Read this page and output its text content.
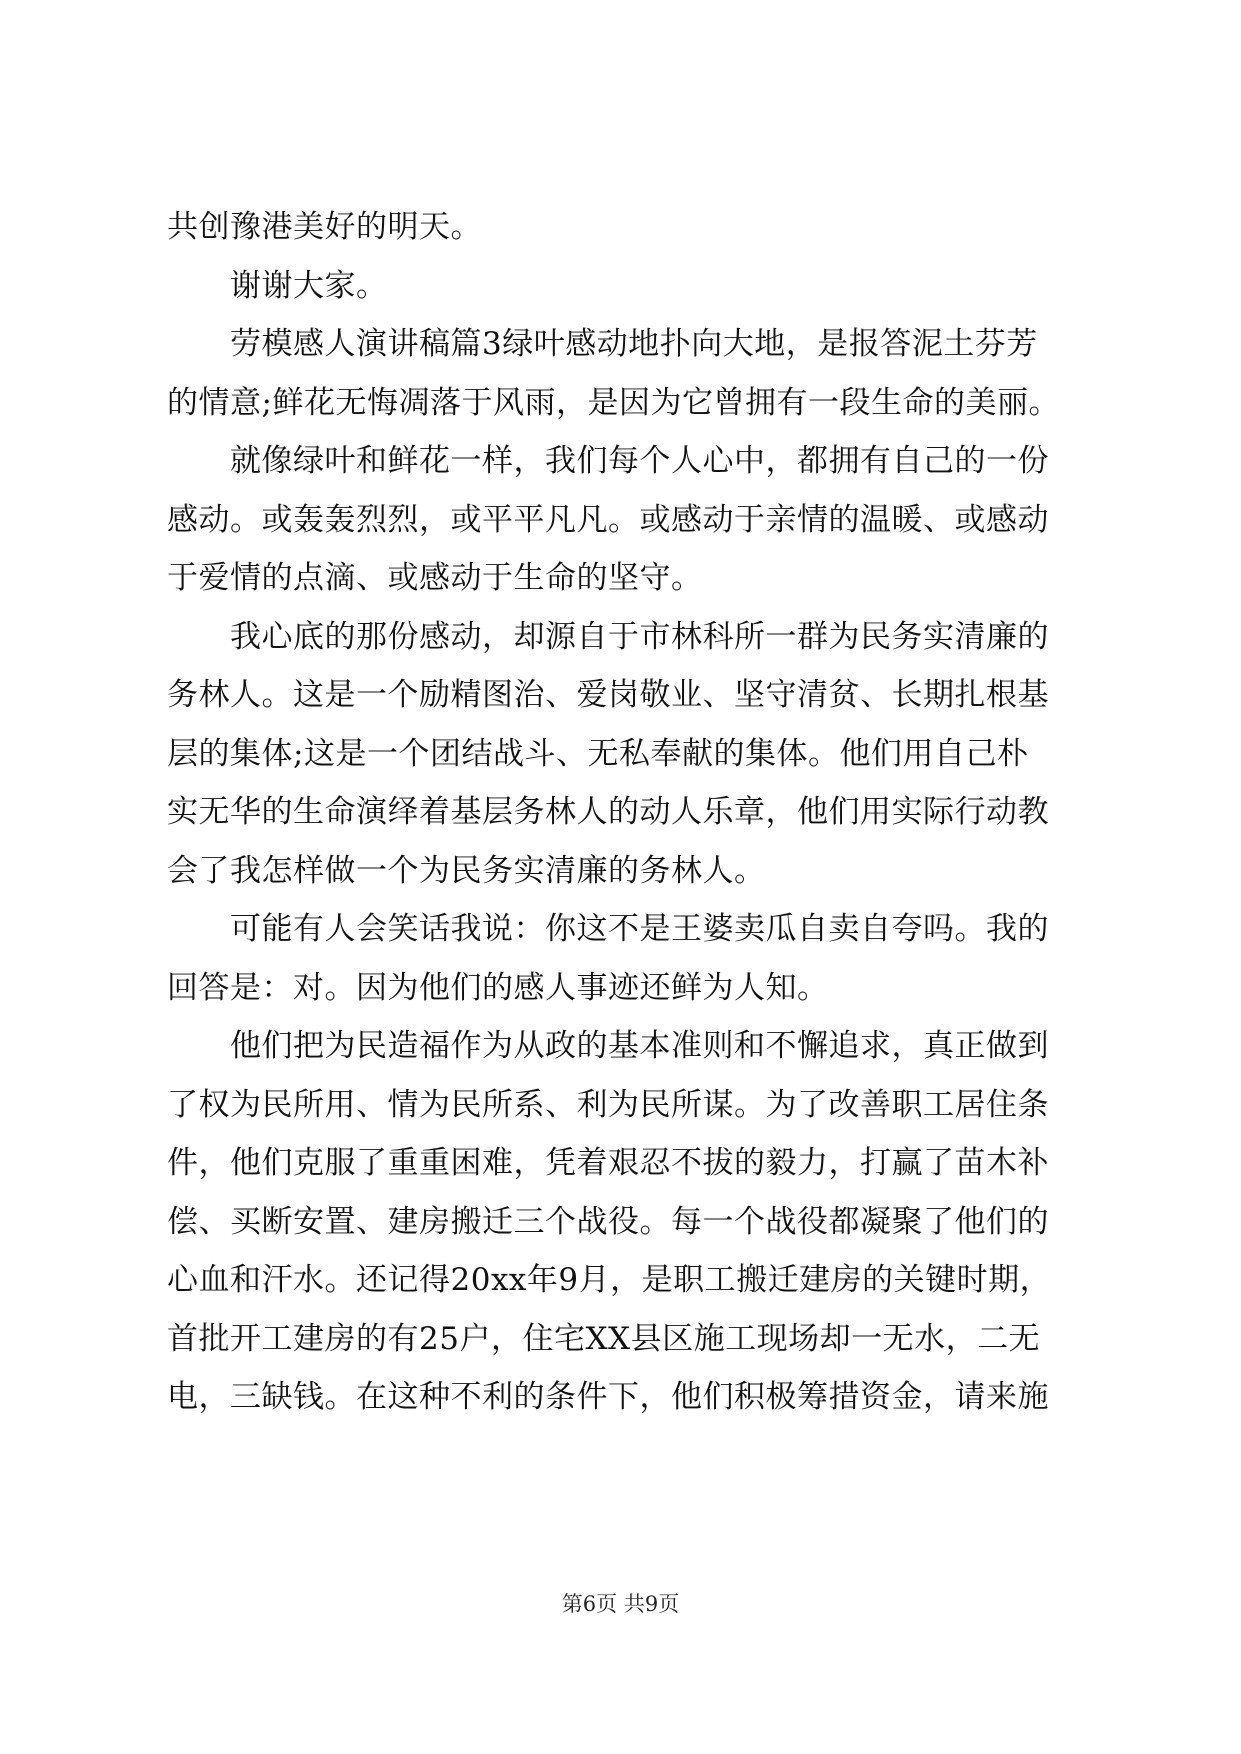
共创豫港美好的明天。
　　谢谢大家。
　　劳模感人演讲稿篇3绿叶感动地扑向大地，是报答泥土芬芳
的情意;鲜花无悔凋落于风雨，是因为它曾拥有一段生命的美丽。
　　就像绿叶和鲜花一样，我们每个人心中，都拥有自己的一份
感动。或轰轰烈烈，或平平凡凡。或感动于亲情的温暖、或感动
于爱情的点滴、或感动于生命的坚守。
　　我心底的那份感动，却源自于市林科所一群为民务实清廉的
务林人。这是一个励精图治、爱岗敬业、坚守清贫、长期扎根基
层的集体;这是一个团结战斗、无私奉献的集体。他们用自己朴
实无华的生命演绎着基层务林人的动人乐章，他们用实际行动教
会了我怎样做一个为民务实清廉的务林人。
　　可能有人会笑话我说：你这不是王婆卖瓜自卖自夸吗。我的
回答是：对。因为他们的感人事迹还鲜为人知。
　　他们把为民造福作为从政的基本准则和不懈追求，真正做到
了权为民所用、情为民所系、利为民所谋。为了改善职工居住条
件，他们克服了重重困难，凭着艰忍不拔的毅力，打赢了苗木补
偿、买断安置、建房搬迁三个战役。每一个战役都凝聚了他们的
心血和汗水。还记得20xx年9月，是职工搬迁建房的关键时期，
首批开工建房的有25户，住宅XX县区施工现场却一无水，二无
电，三缺钱。在这种不利的条件下，他们积极筹措资金，请来施
第6页 共9页
